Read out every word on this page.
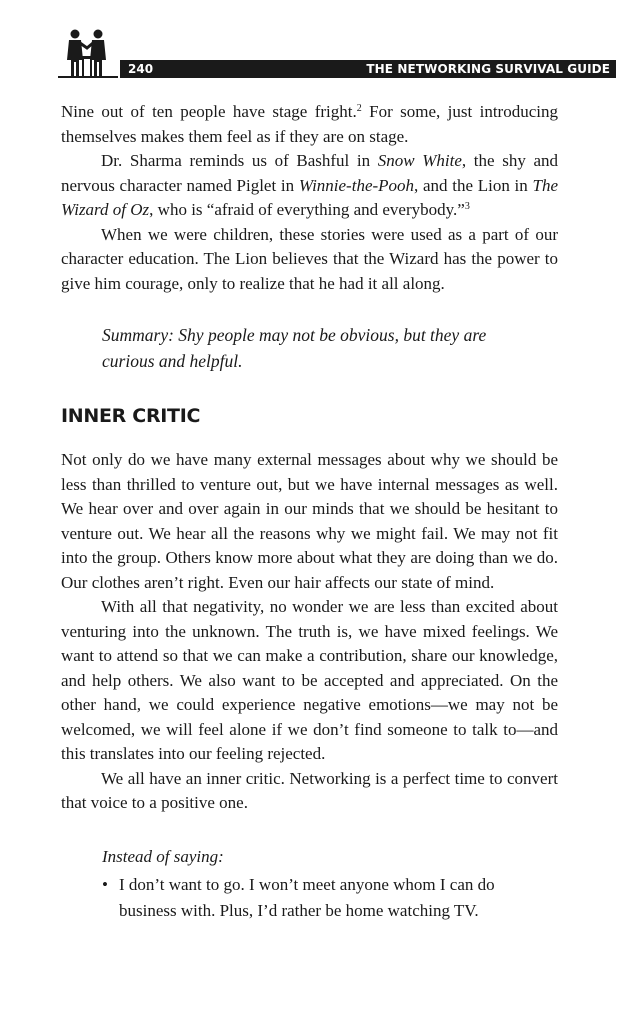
240	THE NETWORKING SURVIVAL GUIDE

Nine out of ten people have stage fright.$^2$ For some, just introducing themselves makes them feel as if they are on stage.

Dr. Sharma reminds us of Bashful in Snow White, the shy and nervous character named Piglet in Winnie-the-Pooh, and the Lion in The Wizard of Oz, who is “afraid of everything and everybody.”$^3$

When we were children, these stories were used as a part of our character education. The Lion believes that the Wizard has the power to give him courage, only to realize that he had it all along.

Summary: Shy people may not be obvious, but they are curious and helpful.
INNER CRITIC

Not only do we have many external messages about why we should be less than thrilled to venture out, but we have internal messages as well. We hear over and over again in our minds that we should be hesitant to venture out. We hear all the reasons why we might fail. We may not fit into the group. Others know more about what they are doing than we do. Our clothes aren’t right. Even our hair affects our state of mind.

With all that negativity, no wonder we are less than excited about venturing into the unknown. The truth is, we have mixed feelings. We want to attend so that we can make a contribution, share our knowledge, and help others. We also want to be accepted and appreciated. On the other hand, we could experience negative emotions—we may not be welcomed, we will feel alone if we don’t find someone to talk to—and this translates into our feeling rejected.

We all have an inner critic. Networking is a perfect time to convert that voice to a positive one.

Instead of saying:
• I don’t want to go. I won’t meet anyone whom I can do business with. Plus, I’d rather be home watching TV.
